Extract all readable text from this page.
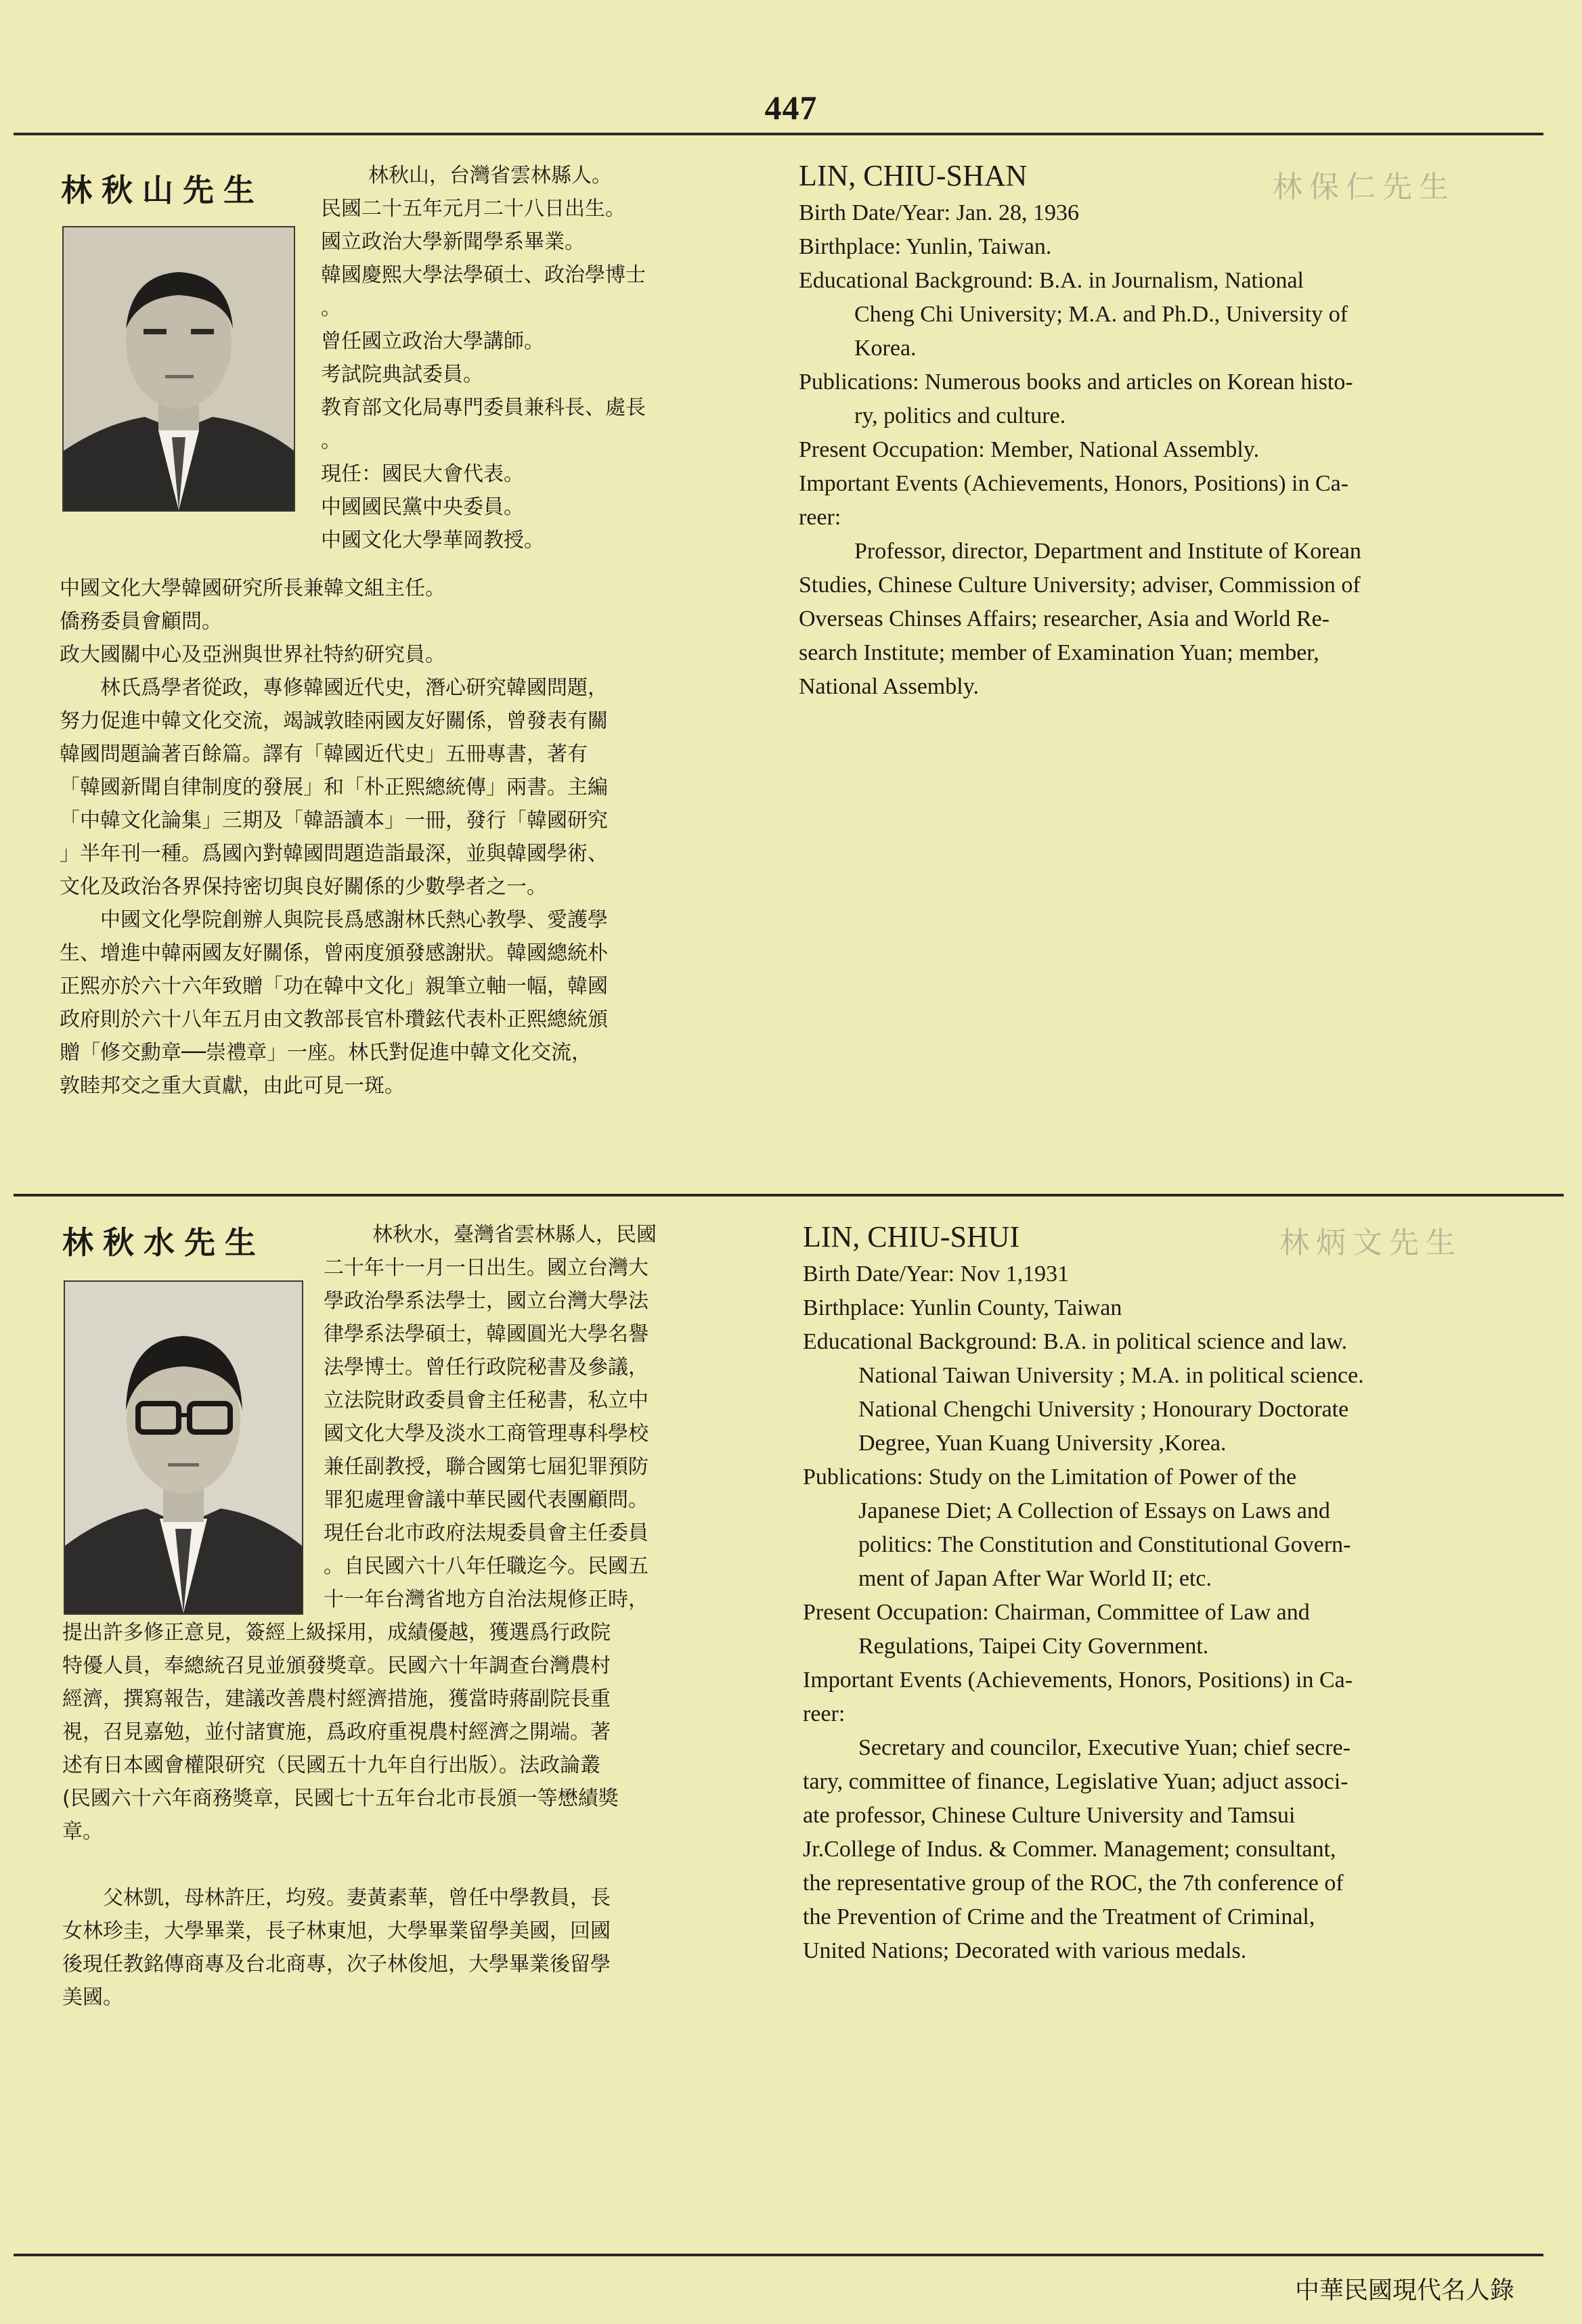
447
林保仁先生
林秋山先生	林秋山，台灣省雲林縣人。
民國二十五年元月二十八日出生。
國立政治大學新聞學系畢業。
韓國慶熙大學法學碩士、政治學博士
。
曾任國立政治大學講師。
考試院典試委員。
教育部文化局專門委員兼科長、處長
。
現任：國民大會代表。
中國國民黨中央委員。
中國文化大學華岡教授。
中國文化大學韓國研究所長兼韓文組主任。
僑務委員會顧問。
政大國關中心及亞洲與世界社特約研究員。
林氏爲學者從政，專修韓國近代史，潛心研究韓國問題，
努力促進中韓文化交流，竭誠敦睦兩國友好關係，曾發表有關
韓國問題論著百餘篇。譯有「韓國近代史」五冊專書，著有
「韓國新聞自律制度的發展」和「朴正熙總統傳」兩書。主編
「中韓文化論集」三期及「韓語讀本」一冊，發行「韓國研究
」半年刊一種。爲國內對韓國問題造詣最深，並與韓國學術、
文化及政治各界保持密切與良好關係的少數學者之一。
中國文化學院創辦人與院長爲感謝林氏熱心教學、愛護學
生、增進中韓兩國友好關係，曾兩度頒發感謝狀。韓國總統朴
正熙亦於六十六年致贈「功在韓中文化」親筆立軸一幅，韓國
政府則於六十八年五月由文教部長官朴瓚鉉代表朴正熙總統頒
贈「修交勳章──崇禮章」一座。林氏對促進中韓文化交流，
敦睦邦交之重大貢獻，由此可見一斑。
LIN, CHIU-SHAN
Birth Date/Year: Jan. 28, 1936
Birthplace: Yunlin, Taiwan.
Educational Background: B.A. in Journalism, National
Cheng Chi University; M.A. and Ph.D., University of
Korea.
Publications: Numerous books and articles on Korean histo-
ry, politics and culture.
Present Occupation: Member, National Assembly.
Important Events (Achievements, Honors, Positions) in Ca-
reer:
Professor, director, Department and Institute of Korean
Studies, Chinese Culture University; adviser, Commission of
Overseas Chinses Affairs; researcher, Asia and World Re-
search Institute; member of Examination Yuan; member,
National Assembly.
林炳文先生
林秋水先生	林秋水，臺灣省雲林縣人，民國
二十年十一月一日出生。國立台灣大
學政治學系法學士，國立台灣大學法
律學系法學碩士，韓國圓光大學名譽
法學博士。曾任行政院秘書及參議，
立法院財政委員會主任秘書，私立中
國文化大學及淡水工商管理專科學校
兼任副教授，聯合國第七屆犯罪預防
罪犯處理會議中華民國代表團顧問。
現任台北市政府法規委員會主任委員
。自民國六十八年任職迄今。民國五
十一年台灣省地方自治法規修正時，
提出許多修正意見，簽經上級採用，成績優越，獲選爲行政院
特優人員，奉總統召見並頒發獎章。民國六十年調查台灣農村
經濟，撰寫報告，建議改善農村經濟措施，獲當時蔣副院長重
視，召見嘉勉，並付諸實施，爲政府重視農村經濟之開端。著
述有日本國會權限研究（民國五十九年自行出版）。法政論叢
(民國六十六年商務獎章，民國七十五年台北市長頒一等懋績獎
章。
父林凱，母林許圧，均歿。妻黃素華，曾任中學教員，長
女林珍圭，大學畢業，長子林東旭，大學畢業留學美國，回國
後現任教銘傳商專及台北商專，次子林俊旭，大學畢業後留學
美國。
LIN, CHIU-SHUI
Birth Date/Year: Nov 1,1931
Birthplace: Yunlin County, Taiwan
Educational Background: B.A. in political science and law.
National Taiwan University ; M.A. in political science.
National Chengchi University ; Honourary Doctorate
Degree, Yuan Kuang University ,Korea.
Publications: Study on the Limitation of Power of the
Japanese Diet; A Collection of Essays on Laws and
politics: The Constitution and Constitutional Govern-
ment of Japan After War World II; etc.
Present Occupation: Chairman, Committee of Law and
Regulations, Taipei City Government.
Important Events (Achievements, Honors, Positions) in Ca-
reer:
Secretary and councilor, Executive Yuan; chief secre-
tary, committee of finance, Legislative Yuan; adjuct associ-
ate professor, Chinese Culture University and Tamsui
Jr.College of Indus. & Commer. Management; consultant,
the representative group of the ROC, the 7th conference of
the Prevention of Crime and the Treatment of Criminal,
United Nations; Decorated with various medals.
中華民國現代名人錄
